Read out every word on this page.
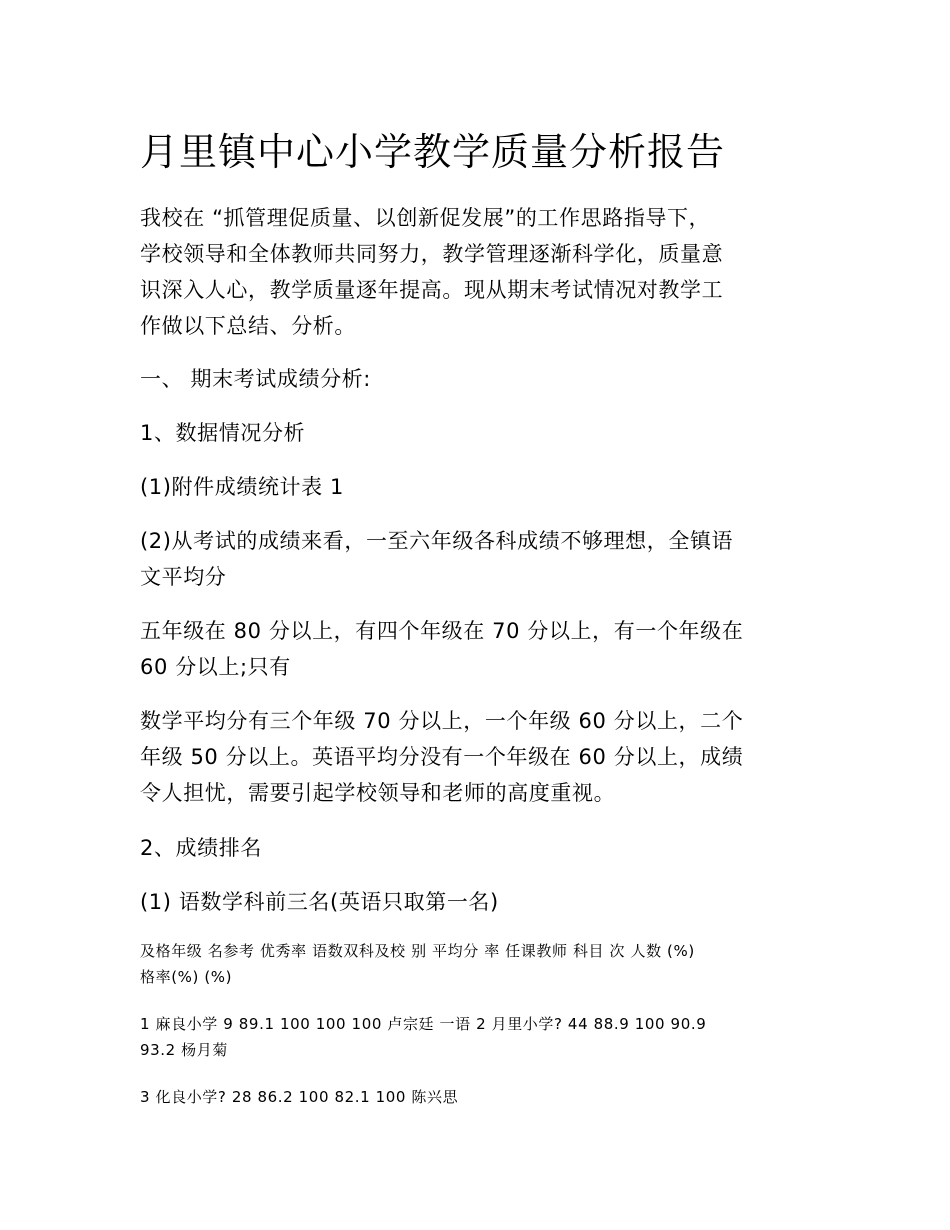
月里镇中心小学教学质量分析报告
我校在 “抓管理促质量、以创新促发展”的工作思路指导下，
学校领导和全体教师共同努力，教学管理逐渐科学化，质量意
识深入人心，教学质量逐年提高。现从期末考试情况对教学工
作做以下总结、分析。
一、 期末考试成绩分析:
1、数据情况分析
(1)附件成绩统计表 1
(2)从考试的成绩来看，一至六年级各科成绩不够理想，全镇语
文平均分
五年级在 80 分以上，有四个年级在 70 分以上，有一个年级在
60 分以上;只有
数学平均分有三个年级 70 分以上，一个年级 60 分以上，二个
年级 50 分以上。英语平均分没有一个年级在 60 分以上，成绩
令人担忧，需要引起学校领导和老师的高度重视。
2、成绩排名
(1) 语数学科前三名(英语只取第一名)
及格年级 名参考 优秀率 语数双科及校 别 平均分 率 任课教师 科目 次 人数 (%)
格率(%) (%)
1 麻良小学 9 89.1 100 100 100 卢宗廷 一语 2 月里小学? 44 88.9 100 90.9
93.2 杨月菊
3 化良小学? 28 86.2 100 82.1 100 陈兴思
